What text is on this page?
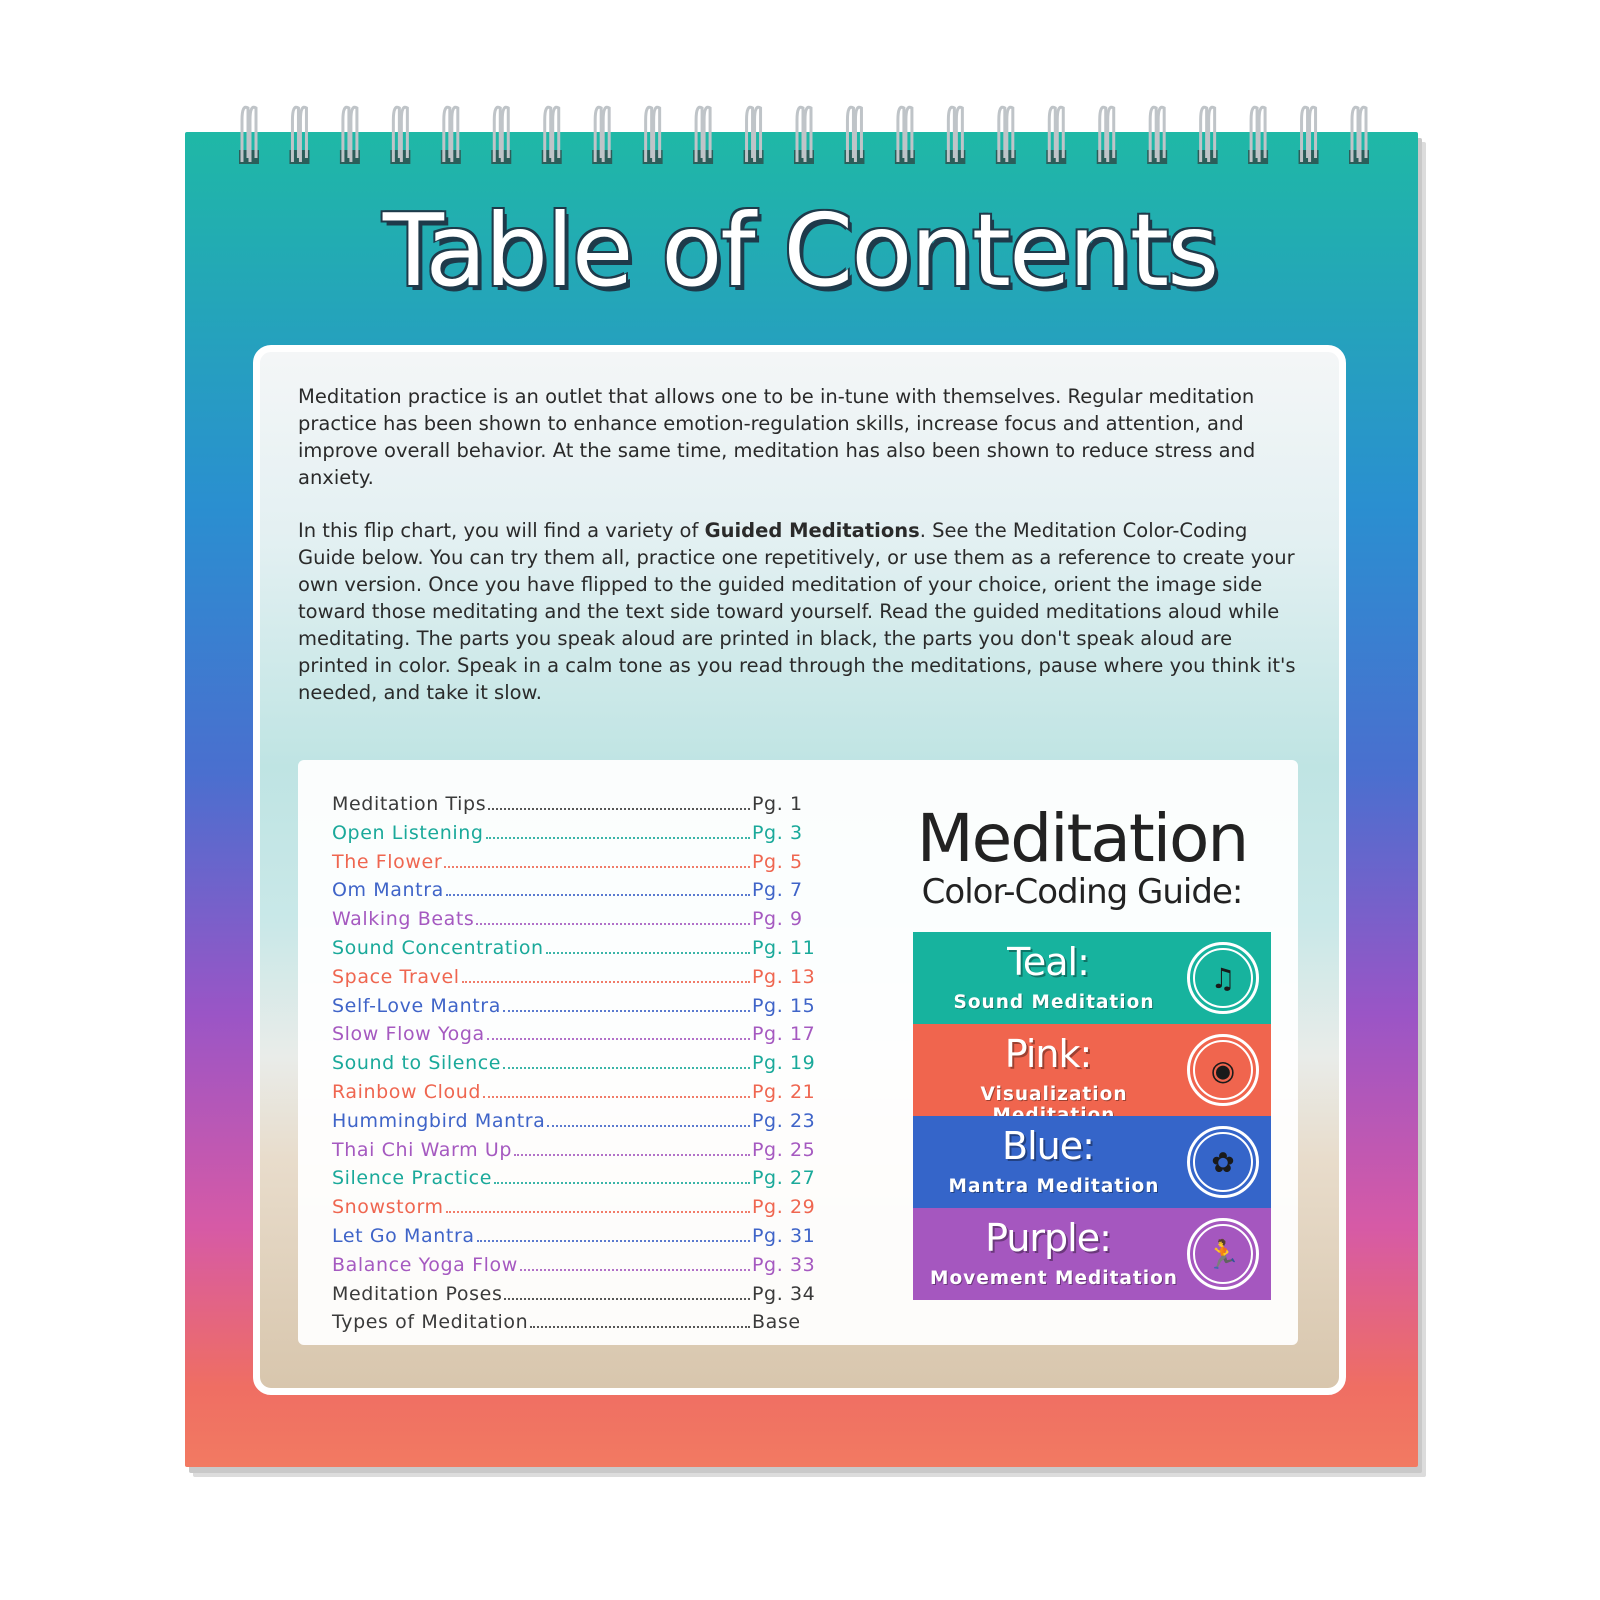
Table of Contents

Meditation practice is an outlet that allows one to be in-tune with themselves. Regular meditation practice has been shown to enhance emotion-regulation skills, increase focus and attention, and improve overall behavior. At the same time, meditation has also been shown to reduce stress and anxiety.

In this flip chart, you will find a variety of Guided Meditations. See the Meditation Color-Coding Guide below. You can try them all, practice one repetitively, or use them as a reference to create your own version. Once you have flipped to the guided meditation of your choice, orient the image side toward those meditating and the text side toward yourself. Read the guided meditations aloud while meditating. The parts you speak aloud are printed in black, the parts you don't speak aloud are printed in color. Speak in a calm tone as you read through the meditations, pause where you think it's needed, and take it slow.

Meditation Tips	Pg. 1
Open Listening	Pg. 3
The Flower	Pg. 5
Om Mantra	Pg. 7
Walking Beats	Pg. 9
Sound Concentration	Pg. 11
Space Travel	Pg. 13
Self-Love Mantra	Pg. 15
Slow Flow Yoga	Pg. 17
Sound to Silence	Pg. 19
Rainbow Cloud	Pg. 21
Hummingbird Mantra	Pg. 23
Thai Chi Warm Up	Pg. 25
Silence Practice	Pg. 27
Snowstorm	Pg. 29
Let Go Mantra	Pg. 31
Balance Yoga Flow	Pg. 33
Meditation Poses	Pg. 34
Types of Meditation	Base
Meditation
Color-Coding Guide:
Teal:
Sound Meditation
♫
Pink:
Visualization
◉
Blue:
Mantra Meditation
✿
Purple:
Movement Meditation
🏃
